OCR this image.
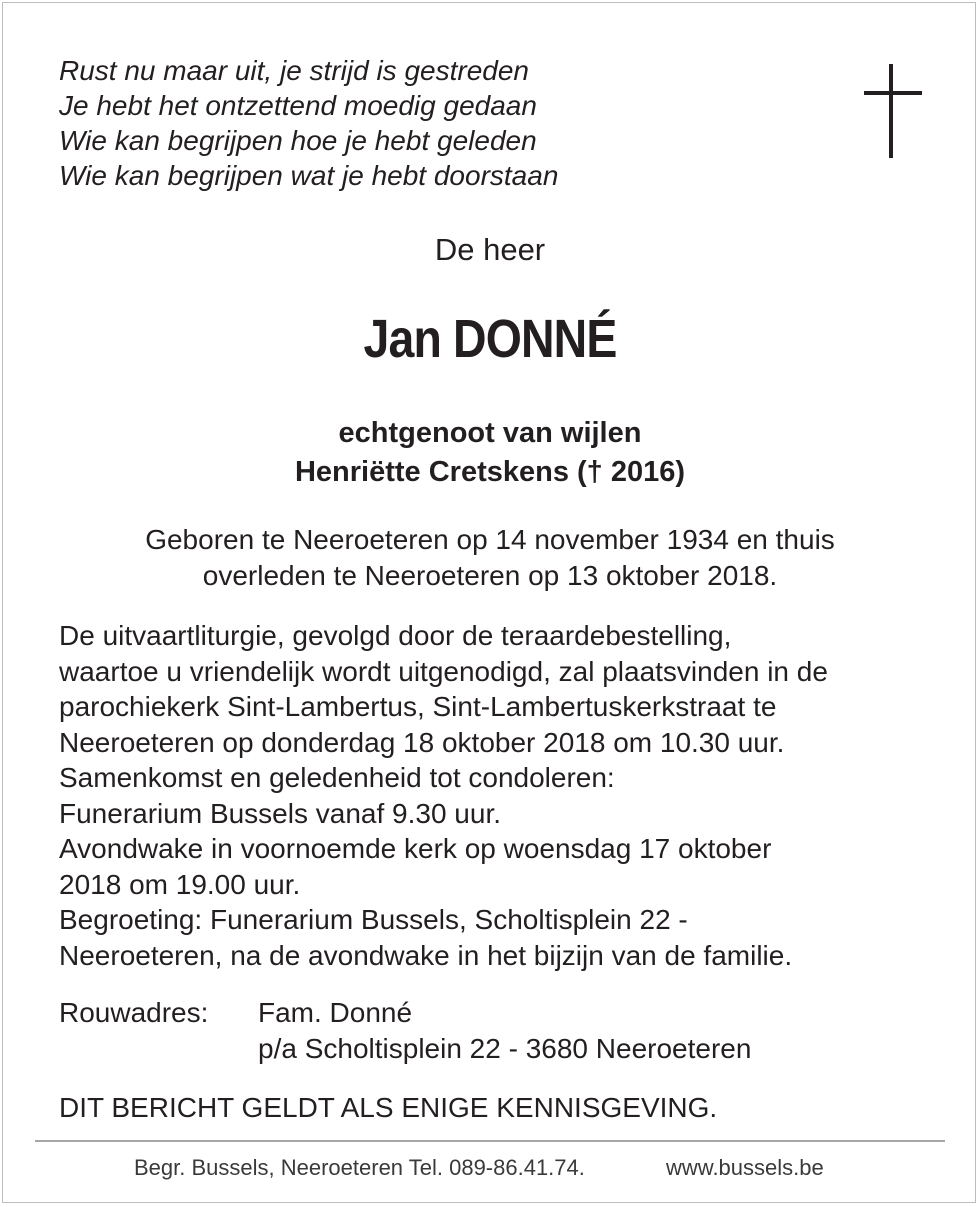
Rust nu maar uit, je strijd is gestreden
Je hebt het ontzettend moedig gedaan
Wie kan begrijpen hoe je hebt geleden
Wie kan begrijpen wat je hebt doorstaan
De heer
Jan DONNÉ
echtgenoot van wijlen
Henriëtte Cretskens († 2016)
Geboren te Neeroeteren op 14 november 1934 en thuis
overleden te Neeroeteren op 13 oktober 2018.
De uitvaartliturgie, gevolgd door de teraardebestelling,
waartoe u vriendelijk wordt uitgenodigd, zal plaatsvinden in de
parochiekerk Sint-Lambertus, Sint-Lambertuskerkstraat te
Neeroeteren op donderdag 18 oktober 2018 om 10.30 uur.
Samenkomst en geledenheid tot condoleren:
Funerarium Bussels vanaf 9.30 uur.
Avondwake in voornoemde kerk op woensdag 17 oktober
2018 om 19.00 uur.
Begroeting: Funerarium Bussels, Scholtisplein 22 -
Neeroeteren, na de avondwake in het bijzijn van de familie.
Rouwadres: Fam. Donné
p/a Scholtisplein 22 - 3680 Neeroeteren
DIT BERICHT GELDT ALS ENIGE KENNISGEVING.
Begr. Bussels, Neeroeteren Tel. 089-86.41.74.	www.bussels.be
